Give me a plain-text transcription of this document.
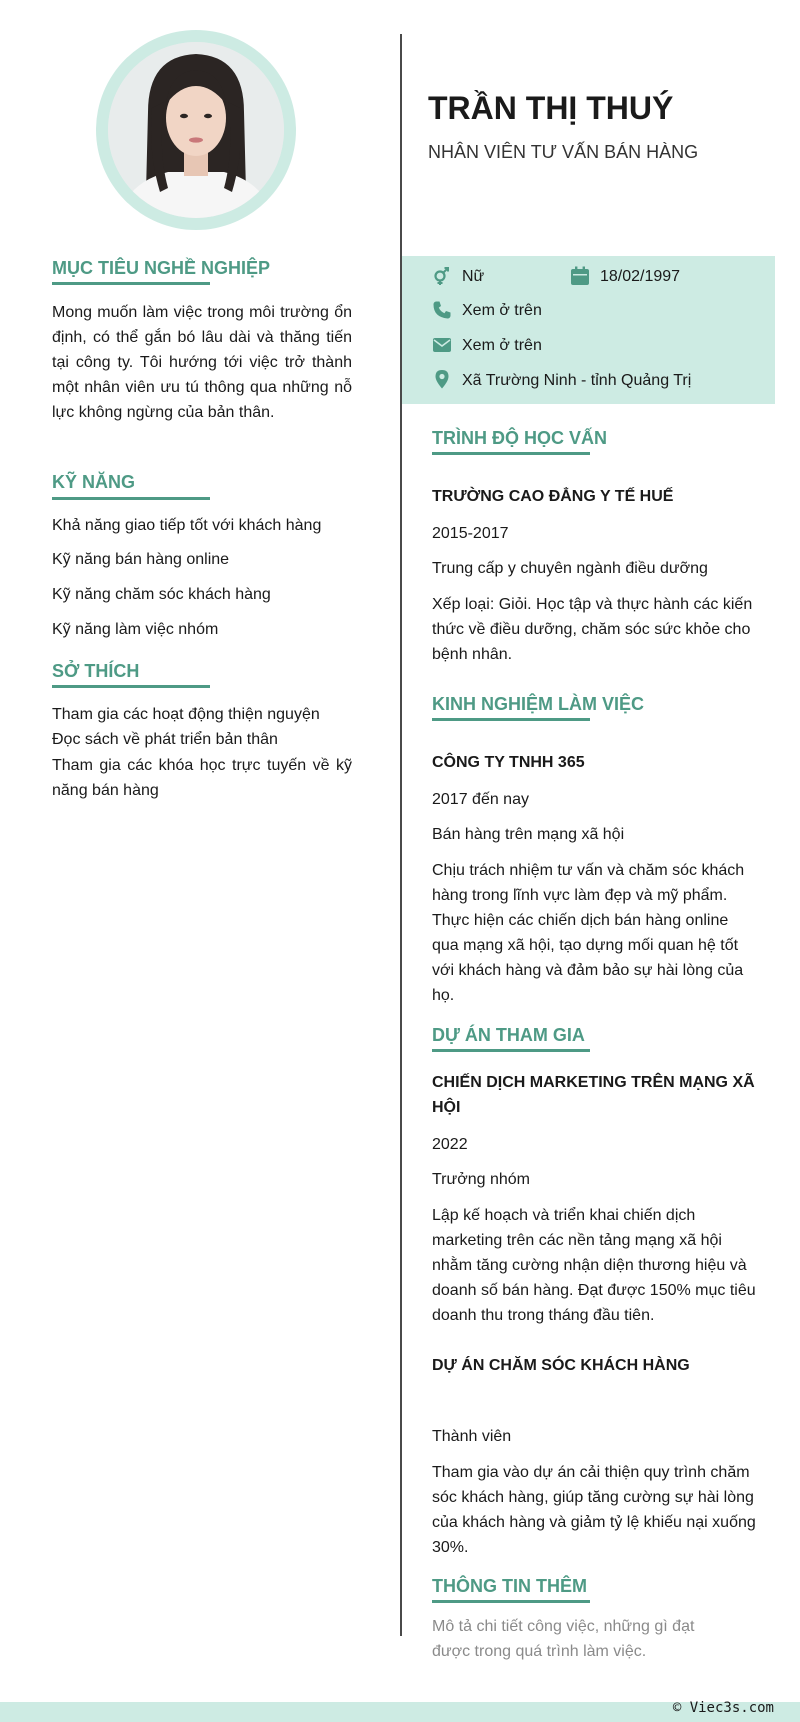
TRẦN THỊ THUÝ

NHÂN VIÊN TƯ VẤN BÁN HÀNG

MỤC TIÊU NGHỀ NGHIỆP

Mong muốn làm việc trong môi trường ổn định, có thể gắn bó lâu dài và thăng tiến tại công ty. Tôi hướng tới việc trở thành một nhân viên ưu tú thông qua những nỗ lực không ngừng của bản thân.

KỸ NĂNG

Khả năng giao tiếp tốt với khách hàng

Kỹ năng bán hàng online

Kỹ năng chăm sóc khách hàng

Kỹ năng làm việc nhóm

SỞ THÍCH

Tham gia các hoạt động thiện nguyện

Đọc sách về phát triển bản thân

Tham gia các khóa học trực tuyến về kỹ năng bán hàng

Nữ	18/02/1997
Xem ở trên
Xem ở trên
Xã Trường Ninh - tỉnh Quảng Trị
TRÌNH ĐỘ HỌC VẤN

TRƯỜNG CAO ĐẲNG Y TẾ HUẾ

2015-2017

Trung cấp y chuyên ngành điều dưỡng

Xếp loại: Giỏi. Học tập và thực hành các kiến thức về điều dưỡng, chăm sóc sức khỏe cho bệnh nhân.

KINH NGHIỆM LÀM VIỆC

CÔNG TY TNHH 365

2017 đến nay

Bán hàng trên mạng xã hội

Chịu trách nhiệm tư vấn và chăm sóc khách hàng trong lĩnh vực làm đẹp và mỹ phẩm. Thực hiện các chiến dịch bán hàng online qua mạng xã hội, tạo dựng mối quan hệ tốt với khách hàng và đảm bảo sự hài lòng của họ.

DỰ ÁN THAM GIA

CHIẾN DỊCH MARKETING TRÊN MẠNG XÃ HỘI

2022

Trưởng nhóm

Lập kế hoạch và triển khai chiến dịch marketing trên các nền tảng mạng xã hội nhằm tăng cường nhận diện thương hiệu và doanh số bán hàng. Đạt được 150% mục tiêu doanh thu trong tháng đầu tiên.

DỰ ÁN CHĂM SÓC KHÁCH HÀNG

Thành viên

Tham gia vào dự án cải thiện quy trình chăm sóc khách hàng, giúp tăng cường sự hài lòng của khách hàng và giảm tỷ lệ khiếu nại xuống 30%.

THÔNG TIN THÊM

Mô tả chi tiết công việc, những gì đạt được trong quá trình làm việc.

© Viec3s.com
